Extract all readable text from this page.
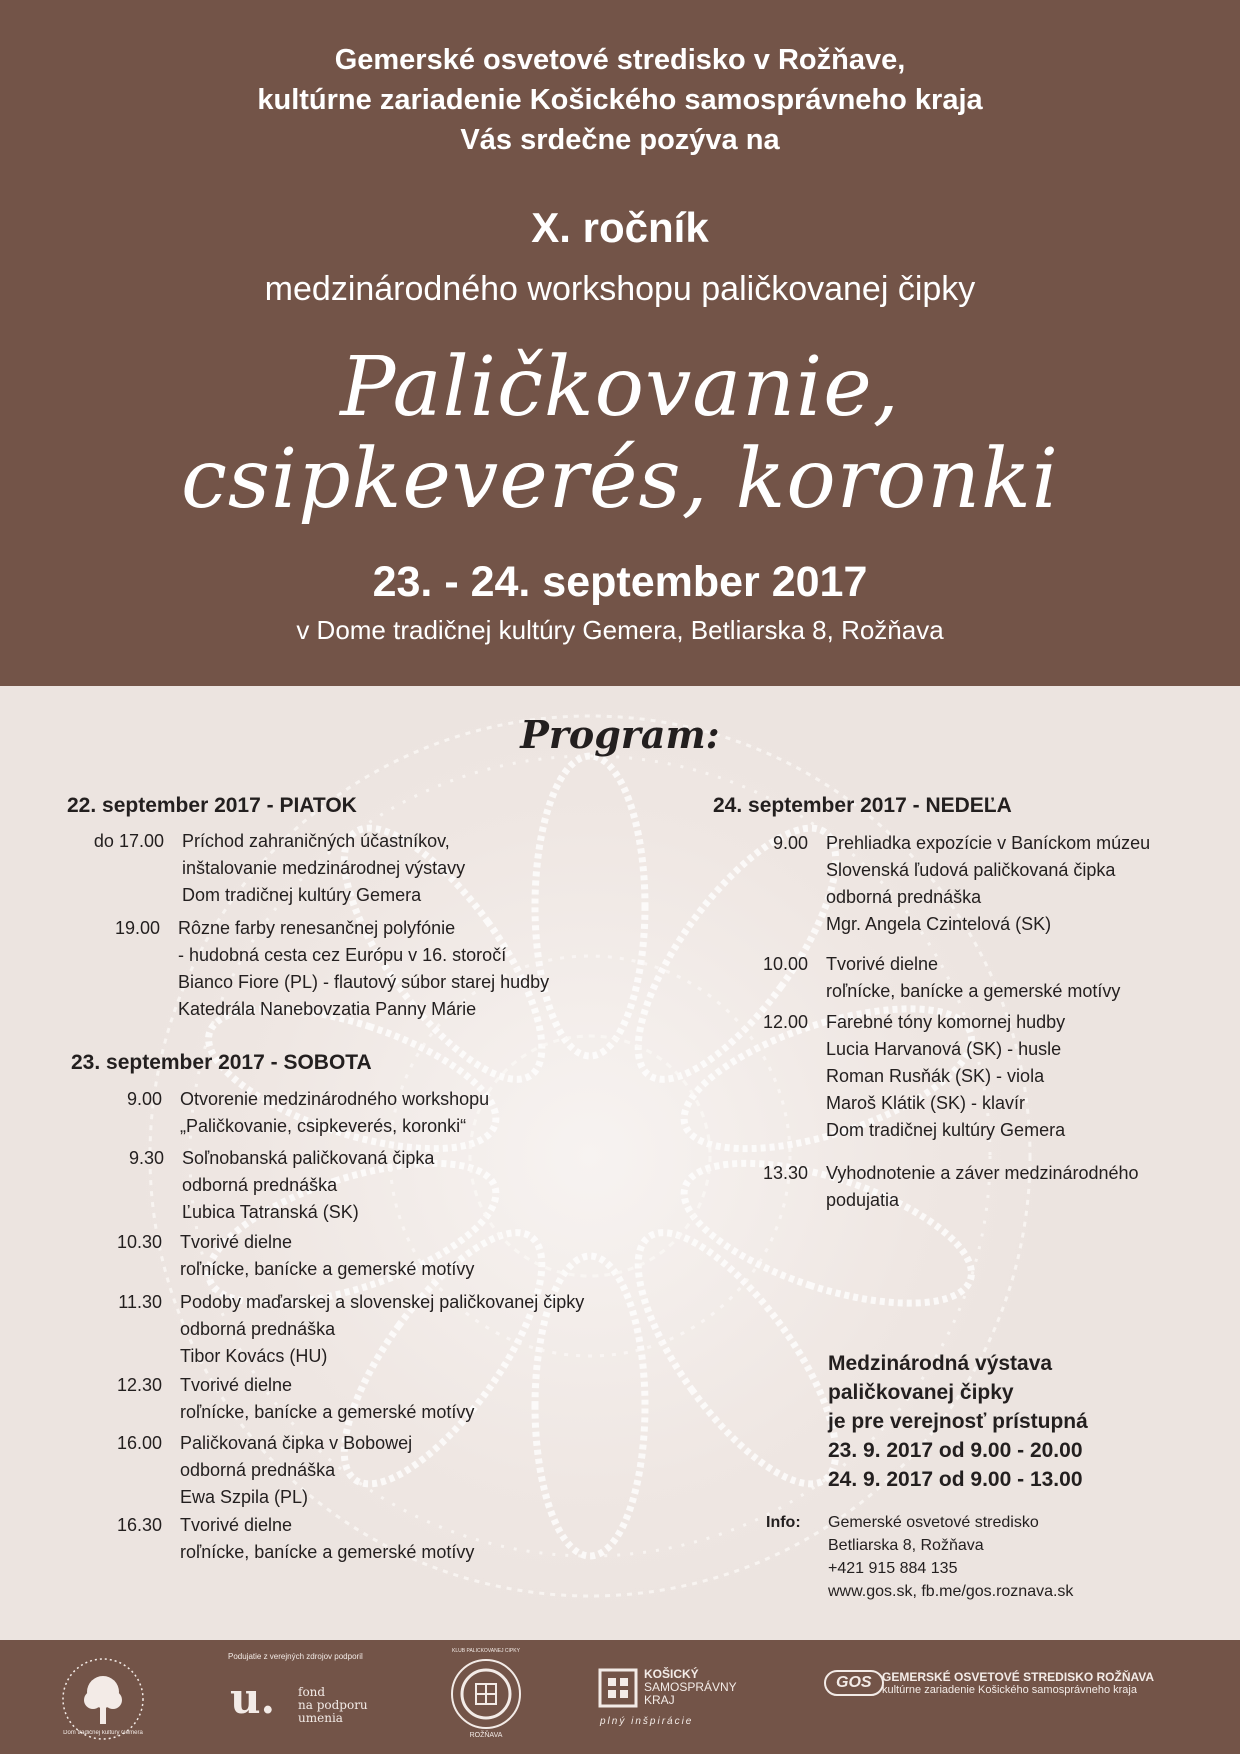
Gemerské osvetové stredisko v Rožňave,
kultúrne zariadenie Košického samosprávneho kraja
Vás srdečne pozýva na
X. ročník
medzinárodného workshopu paličkovanej čipky
Paličkovanie,
csipkeverés, koronki
23. - 24. september 2017
v Dome tradičnej kultúry Gemera, Betliarska 8, Rožňava
Program:
22. september 2017 - PIATOK
do 17.00 Príchod zahraničných účastníkov,
inštalovanie medzinárodnej výstavy
Dom tradičnej kultúry Gemera
19.00 Rôzne farby renesančnej polyfónie
- hudobná cesta cez Európu v 16. storočí
Bianco Fiore (PL) - flautový súbor starej hudby
Katedrála Nanebovzatia Panny Márie
23. september 2017 - SOBOTA
9.00 Otvorenie medzinárodného workshopu
„Paličkovanie, csipkeverés, koronki“
9.30 Soľnobanská paličkovaná čipka
odborná prednáška
Ľubica Tatranská (SK)
10.30 Tvorivé dielne
roľnícke, banícke a gemerské motívy
11.30 Podoby maďarskej a slovenskej paličkovanej čipky
odborná prednáška
Tibor Kovács (HU)
12.30 Tvorivé dielne
roľnícke, banícke a gemerské motívy
16.00 Paličkovaná čipka v Bobowej
odborná prednáška
Ewa Szpila (PL)
16.30 Tvorivé dielne
roľnícke, banícke a gemerské motívy
24. september 2017 - NEDEĽA
9.00 Prehliadka expozície v Baníckom múzeu
Slovenská ľudová paličkovaná čipka
odborná prednáška
Mgr. Angela Czintelová (SK)
10.00 Tvorivé dielne
roľnícke, banícke a gemerské motívy
12.00 Farebné tóny komornej hudby
Lucia Harvanová (SK) - husle
Roman Rusňák (SK) - viola
Maroš Klátik (SK) - klavír
Dom tradičnej kultúry Gemera
13.30 Vyhodnotenie a záver medzinárodného
podujatia
Medzinárodná výstava
paličkovanej čipky
je pre verejnosť prístupná
23. 9. 2017 od 9.00 - 20.00
24. 9. 2017 od 9.00 - 13.00
Info: Gemerské osvetové stredisko
Betliarska 8, Rožňava
+421 915 884 135
www.gos.sk, fb.me/gos.roznava.sk
Dom tradičnej kultúry Gemera
Podujatie z verejných zdrojov podporil
u. fond
na podporu
umenia
KLUB PALIČKOVANEJ ČIPKY
ROŽŇAVA
KOŠICKÝ
SAMOSPRÁVNY
KRAJ
plný inšpirácie
GOS GEMERSKÉ OSVETOVÉ STREDISKO ROŽŇAVA
kultúrne zariadenie Košického samosprávneho kraja
